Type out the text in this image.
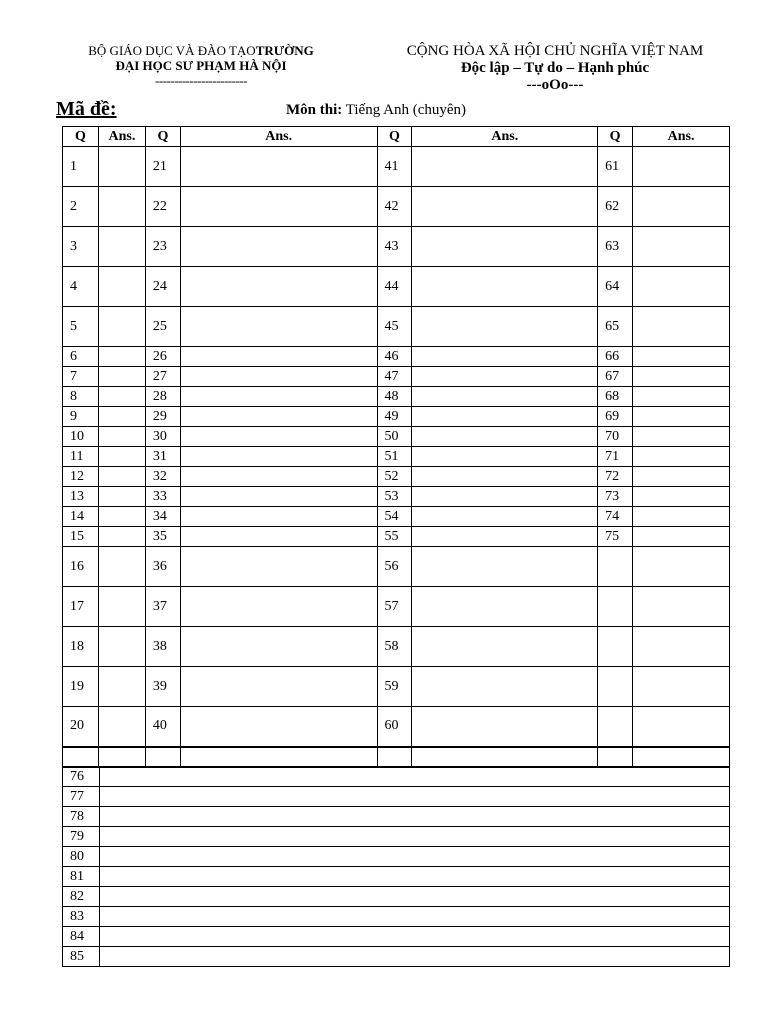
BỘ GIÁO DỤC VÀ ĐÀO TẠOTRƯỜNG
ĐẠI HỌC SƯ PHẠM HÀ NỘI
------------------------
CỘNG HÒA XÃ HỘI CHỦ NGHĨA VIỆT NAM
Độc lập – Tự do – Hạnh phúc
---oOo---
Mã đề:	Môn thi: Tiếng Anh (chuyên)
Q	Ans.	Q	Ans.	Q	Ans.	Q	Ans.
1		21		41		61	
2		22		42		62	
3		23		43		63	
4		24		44		64	
5		25		45		65	
6		26		46		66	
7		27		47		67	
8		28		48		68	
9		29		49		69	
10		30		50		70	
11		31		51		71	
12		32		52		72	
13		33		53		73	
14		34		54		74	
15		35		55		75	
16		36		56			
17		37		57			
18		38		58			
19		39		59			
20		40		60			

76	
77	
78	
79	
80	
81	
82	
83	
84	
85	
